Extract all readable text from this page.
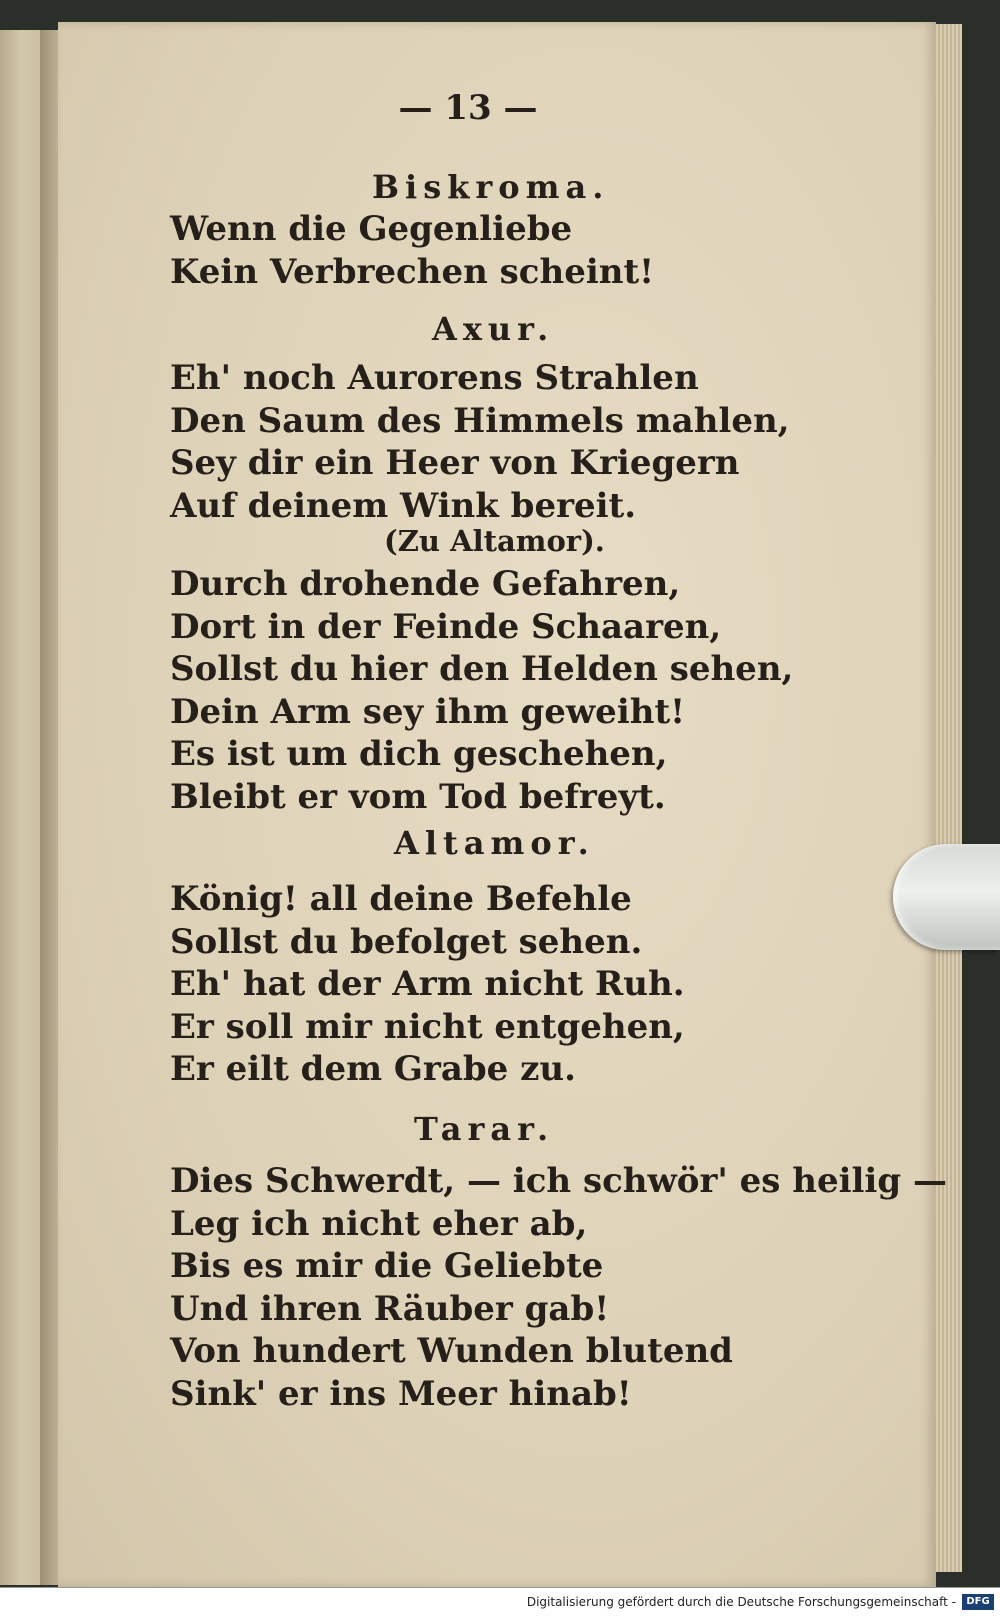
— 13 —
Biskroma.
Wenn die Gegenliebe
Kein Verbrechen scheint!
Axur.
Eh' noch Aurorens Strahlen
Den Saum des Himmels mahlen,
Sey dir ein Heer von Kriegern
Auf deinem Wink bereit.
(Zu Altamor).
Durch drohende Gefahren,
Dort in der Feinde Schaaren,
Sollst du hier den Helden sehen,
Dein Arm sey ihm geweiht!
Es ist um dich geschehen,
Bleibt er vom Tod befreyt.
Altamor.
König! all deine Befehle
Sollst du befolget sehen.
Eh' hat der Arm nicht Ruh.
Er soll mir nicht entgehen,
Er eilt dem Grabe zu.
Tarar.
Dies Schwerdt, — ich schwör' es heilig —
Leg ich nicht eher ab,
Bis es mir die Geliebte
Und ihren Räuber gab!
Von hundert Wunden blutend
Sink' er ins Meer hinab!
Digitalisierung gefördert durch die Deutsche Forschungsgemeinschaft -	DFG
